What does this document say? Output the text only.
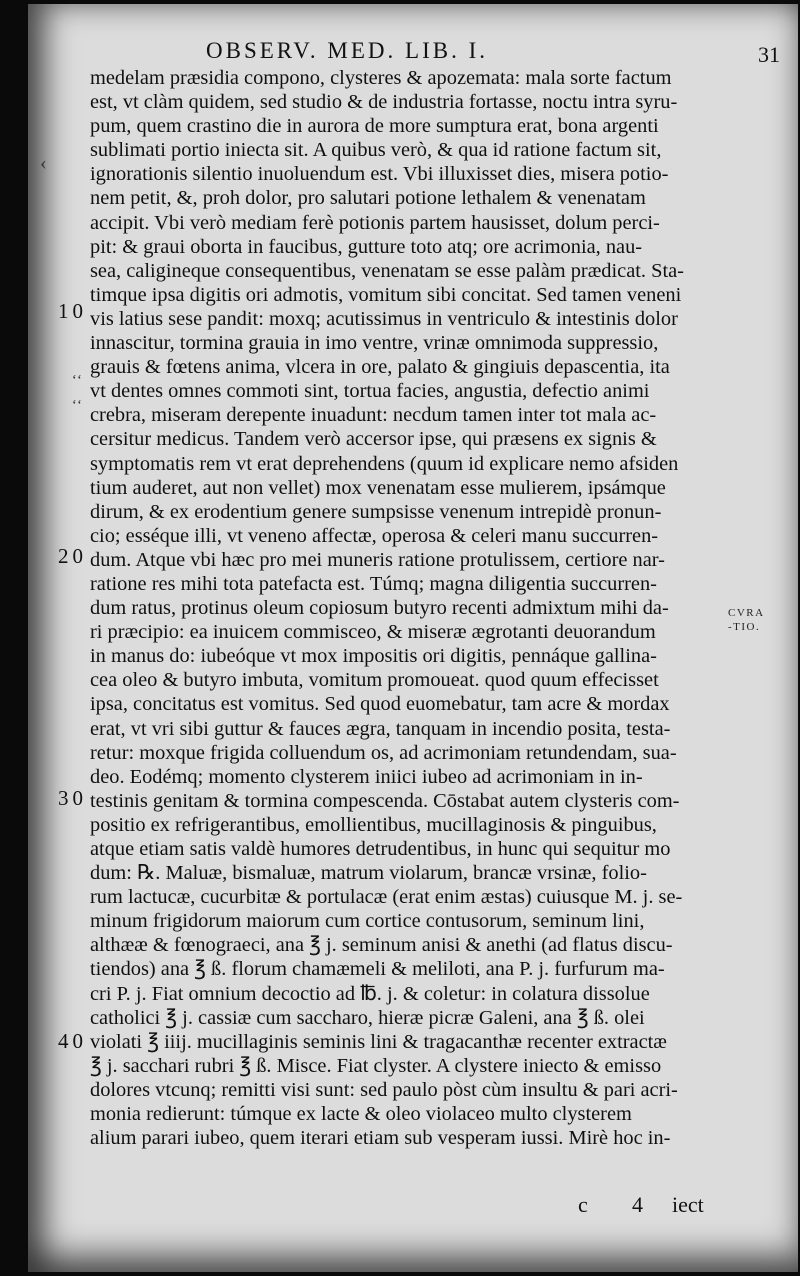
OBSERV. MED. LIB. I.	31
‹
medelam præsidia compono, clysteres & apozemata: mala sorte factum
est, vt clàm quidem, sed studio & de industria fortasse, noctu intra syru-
pum, quem crastino die in aurora de more sumptura erat, bona argenti
sublimati portio iniecta sit. A quibus verò, & qua id ratione factum sit,
ignorationis silentio inuoluendum est. Vbi illuxisset dies, misera potio-
nem petit, &, proh dolor, pro salutari potione lethalem & venenatam
accipit. Vbi verò mediam ferè potionis partem hausisset, dolum perci-
pit: & graui oborta in faucibus, gutture toto atq; ore acrimonia, nau-
sea, caligineque consequentibus, venenatam se esse palàm prædicat. Sta-
timque ipsa digitis ori admotis, vomitum sibi concitat. Sed tamen veneni
vis latius sese pandit: moxq; acutissimus in ventriculo & intestinis dolor
innascitur, tormina grauia in imo ventre, vrinæ omnimoda suppressio,
grauis & fœtens anima, vlcera in ore, palato & gingiuis depascentia, ita
vt dentes omnes commoti sint, tortua facies, angustia, defectio animi
crebra, miseram derepente inuadunt: necdum tamen inter tot mala ac-
cersitur medicus. Tandem verò accersor ipse, qui præsens ex signis &
symptomatis rem vt erat deprehendens (quum id explicare nemo afsiden
tium auderet, aut non vellet) mox venenatam esse mulierem, ipsámque
dirum, & ex erodentium genere sumpsisse venenum intrepidè pronun-
cio; esséque illi, vt veneno affectæ, operosa & celeri manu succurren-
dum. Atque vbi hæc pro mei muneris ratione protulissem, certiore nar-
ratione res mihi tota patefacta est. Túmq; magna diligentia succurren-
dum ratus, protinus oleum copiosum butyro recenti admixtum mihi da-
ri præcipio: ea inuicem commisceo, & miseræ ægrotanti deuorandum
in manus do: iubeóque vt mox impositis ori digitis, pennáque gallina-
cea oleo & butyro imbuta, vomitum promoueat. quod quum effecisset
ipsa, concitatus est vomitus. Sed quod euomebatur, tam acre & mordax
erat, vt vri sibi guttur & fauces ægra, tanquam in incendio posita, testa-
retur: moxque frigida colluendum os, ad acrimoniam retundendam, sua-
deo. Eodémq; momento clysterem iniici iubeo ad acrimoniam in in-
testinis genitam & tormina compescenda. Cōstabat autem clysteris com-
positio ex refrigerantibus, emollientibus, mucillaginosis & pinguibus,
atque etiam satis valdè humores detrudentibus, in hunc qui sequitur mo
dum: ℞. Maluæ, bismaluæ, matrum violarum, brancæ vrsinæ, folio-
rum lactucæ, cucurbitæ & portulacæ (erat enim æstas) cuiusque M. j. se-
minum frigidorum maiorum cum cortice contusorum, seminum lini,
althææ & fœnograeci, ana ℥ j. seminum anisi & anethi (ad flatus discu-
tiendos) ana ℥ ß. florum chamæmeli & meliloti, ana P. j. furfurum ma-
cri P. j. Fiat omnium decoctio ad ℔. j. & coletur: in colatura dissolue
catholici ℥ j. cassiæ cum saccharo, hieræ picræ Galeni, ana ℥ ß. olei
violati ℥ iiij. mucillaginis seminis lini & tragacanthæ recenter extractæ
℥ j. sacchari rubri ℥ ß. Misce. Fiat clyster. A clystere iniecto & emisso
dolores vtcunq; remitti visi sunt: sed paulo pòst cùm insultu & pari acri-
monia redierunt: túmque ex lacte & oleo violaceo multo clysterem
alium parari iubeo, quem iterari etiam sub vesperam iussi. Mirè hoc in-
10
20
30
40
‘‘
‘‘
CVRA-TIO.
c 4 iect
